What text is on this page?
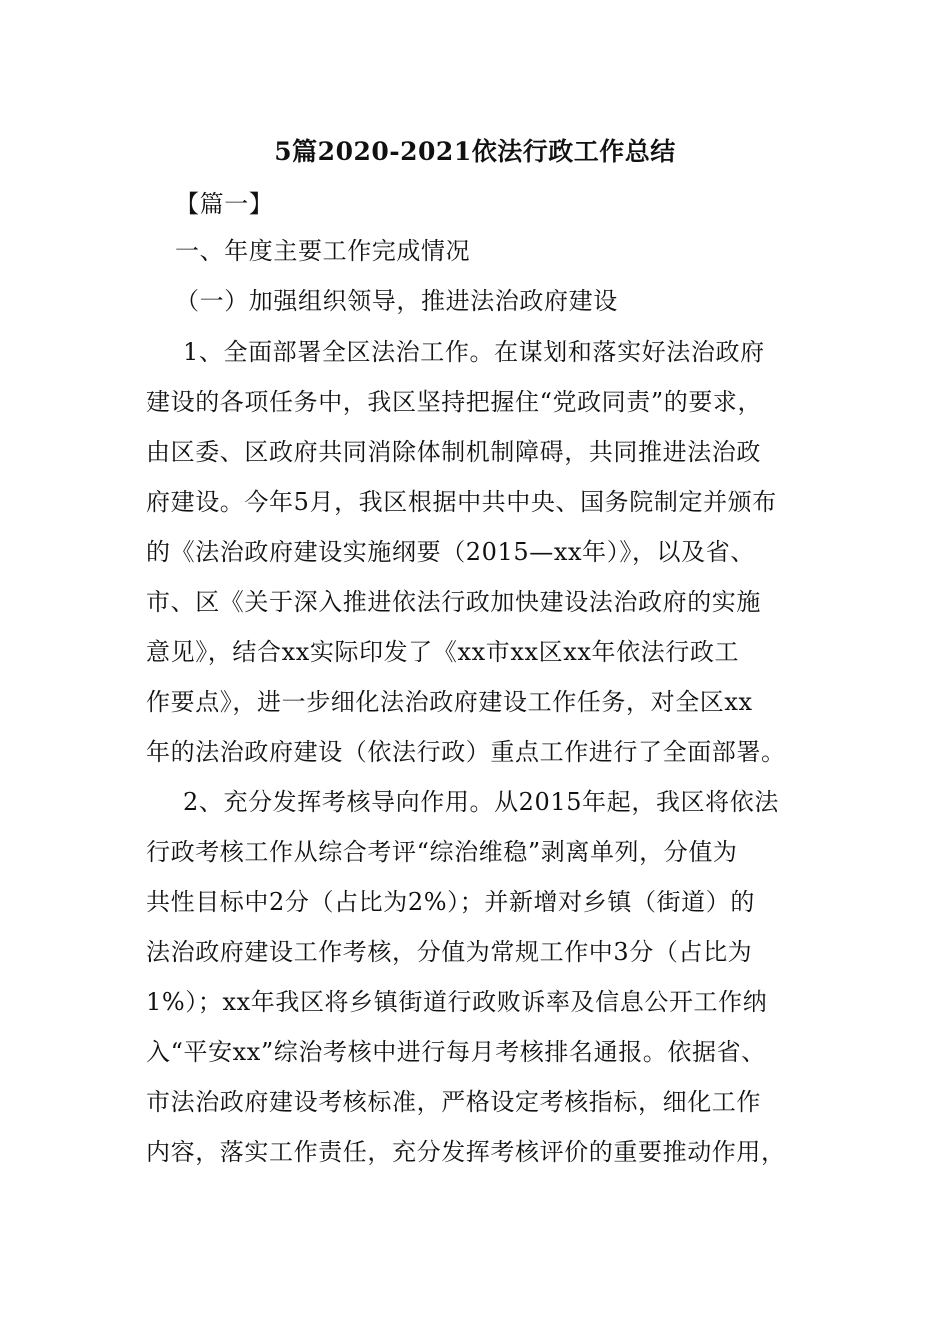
5篇2020-2021依法行政工作总结
【篇一】
一、年度主要工作完成情况
（一）加强组织领导，推进法治政府建设
1、全面部署全区法治工作。在谋划和落实好法治政府
建设的各项任务中，我区坚持把握住“党政同责”的要求，
由区委、区政府共同消除体制机制障碍，共同推进法治政
府建设。今年5月，我区根据中共中央、国务院制定并颁布
的《法治政府建设实施纲要（2015—xx年）》，以及省、
市、区《关于深入推进依法行政加快建设法治政府的实施
意见》，结合xx实际印发了《xx市xx区xx年依法行政工
作要点》，进一步细化法治政府建设工作任务，对全区xx
年的法治政府建设（依法行政）重点工作进行了全面部署。
2、充分发挥考核导向作用。从2015年起，我区将依法
行政考核工作从综合考评“综治维稳”剥离单列，分值为
共性目标中2分（占比为2%）；并新增对乡镇（街道）的
法治政府建设工作考核，分值为常规工作中3分（占比为
1%）；xx年我区将乡镇街道行政败诉率及信息公开工作纳
入“平安xx”综治考核中进行每月考核排名通报。依据省、
市法治政府建设考核标准，严格设定考核指标，细化工作
内容，落实工作责任，充分发挥考核评价的重要推动作用，
